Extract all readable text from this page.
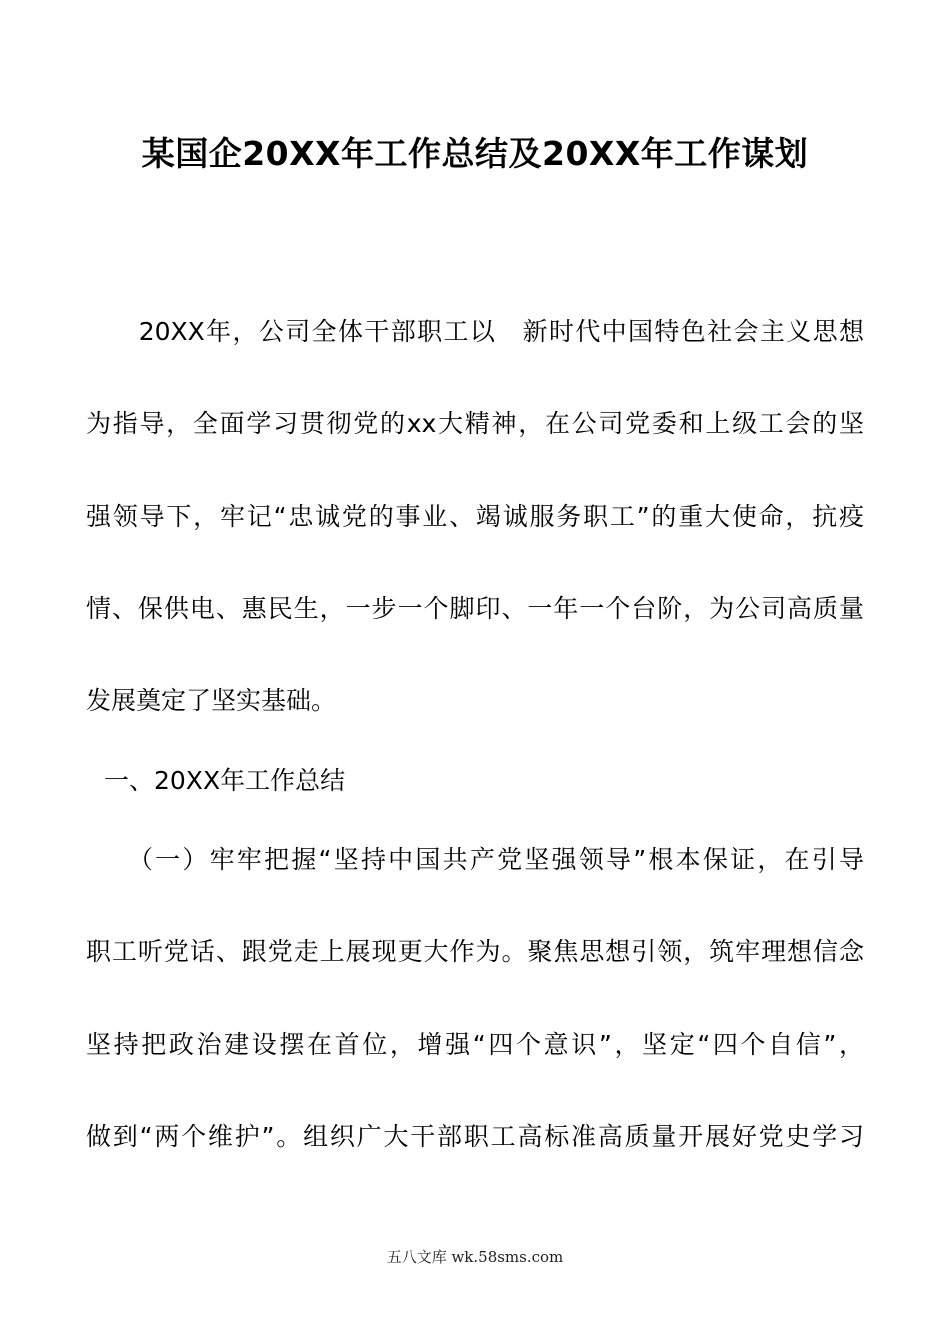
某国企20XX年工作总结及20XX年工作谋划
　　20XX年，公司全体干部职工以　新时代中国特色社会主义思想
为指导，全面学习贯彻党的xx大精神，在公司党委和上级工会的坚
强领导下，牢记“忠诚党的事业、竭诚服务职工”的重大使命，抗疫
情、保供电、惠民生，一步一个脚印、一年一个台阶，为公司高质量
发展奠定了坚实基础。
一、20XX年工作总结
　　（一）牢牢把握“坚持中国共产党坚强领导”根本保证，在引导
职工听党话、跟党走上展现更大作为。聚焦思想引领，筑牢理想信念
坚持把政治建设摆在首位，增强“四个意识”，坚定“四个自信”，
做到“两个维护”。组织广大干部职工高标准高质量开展好党史学习
五八文库 wk.58sms.com
